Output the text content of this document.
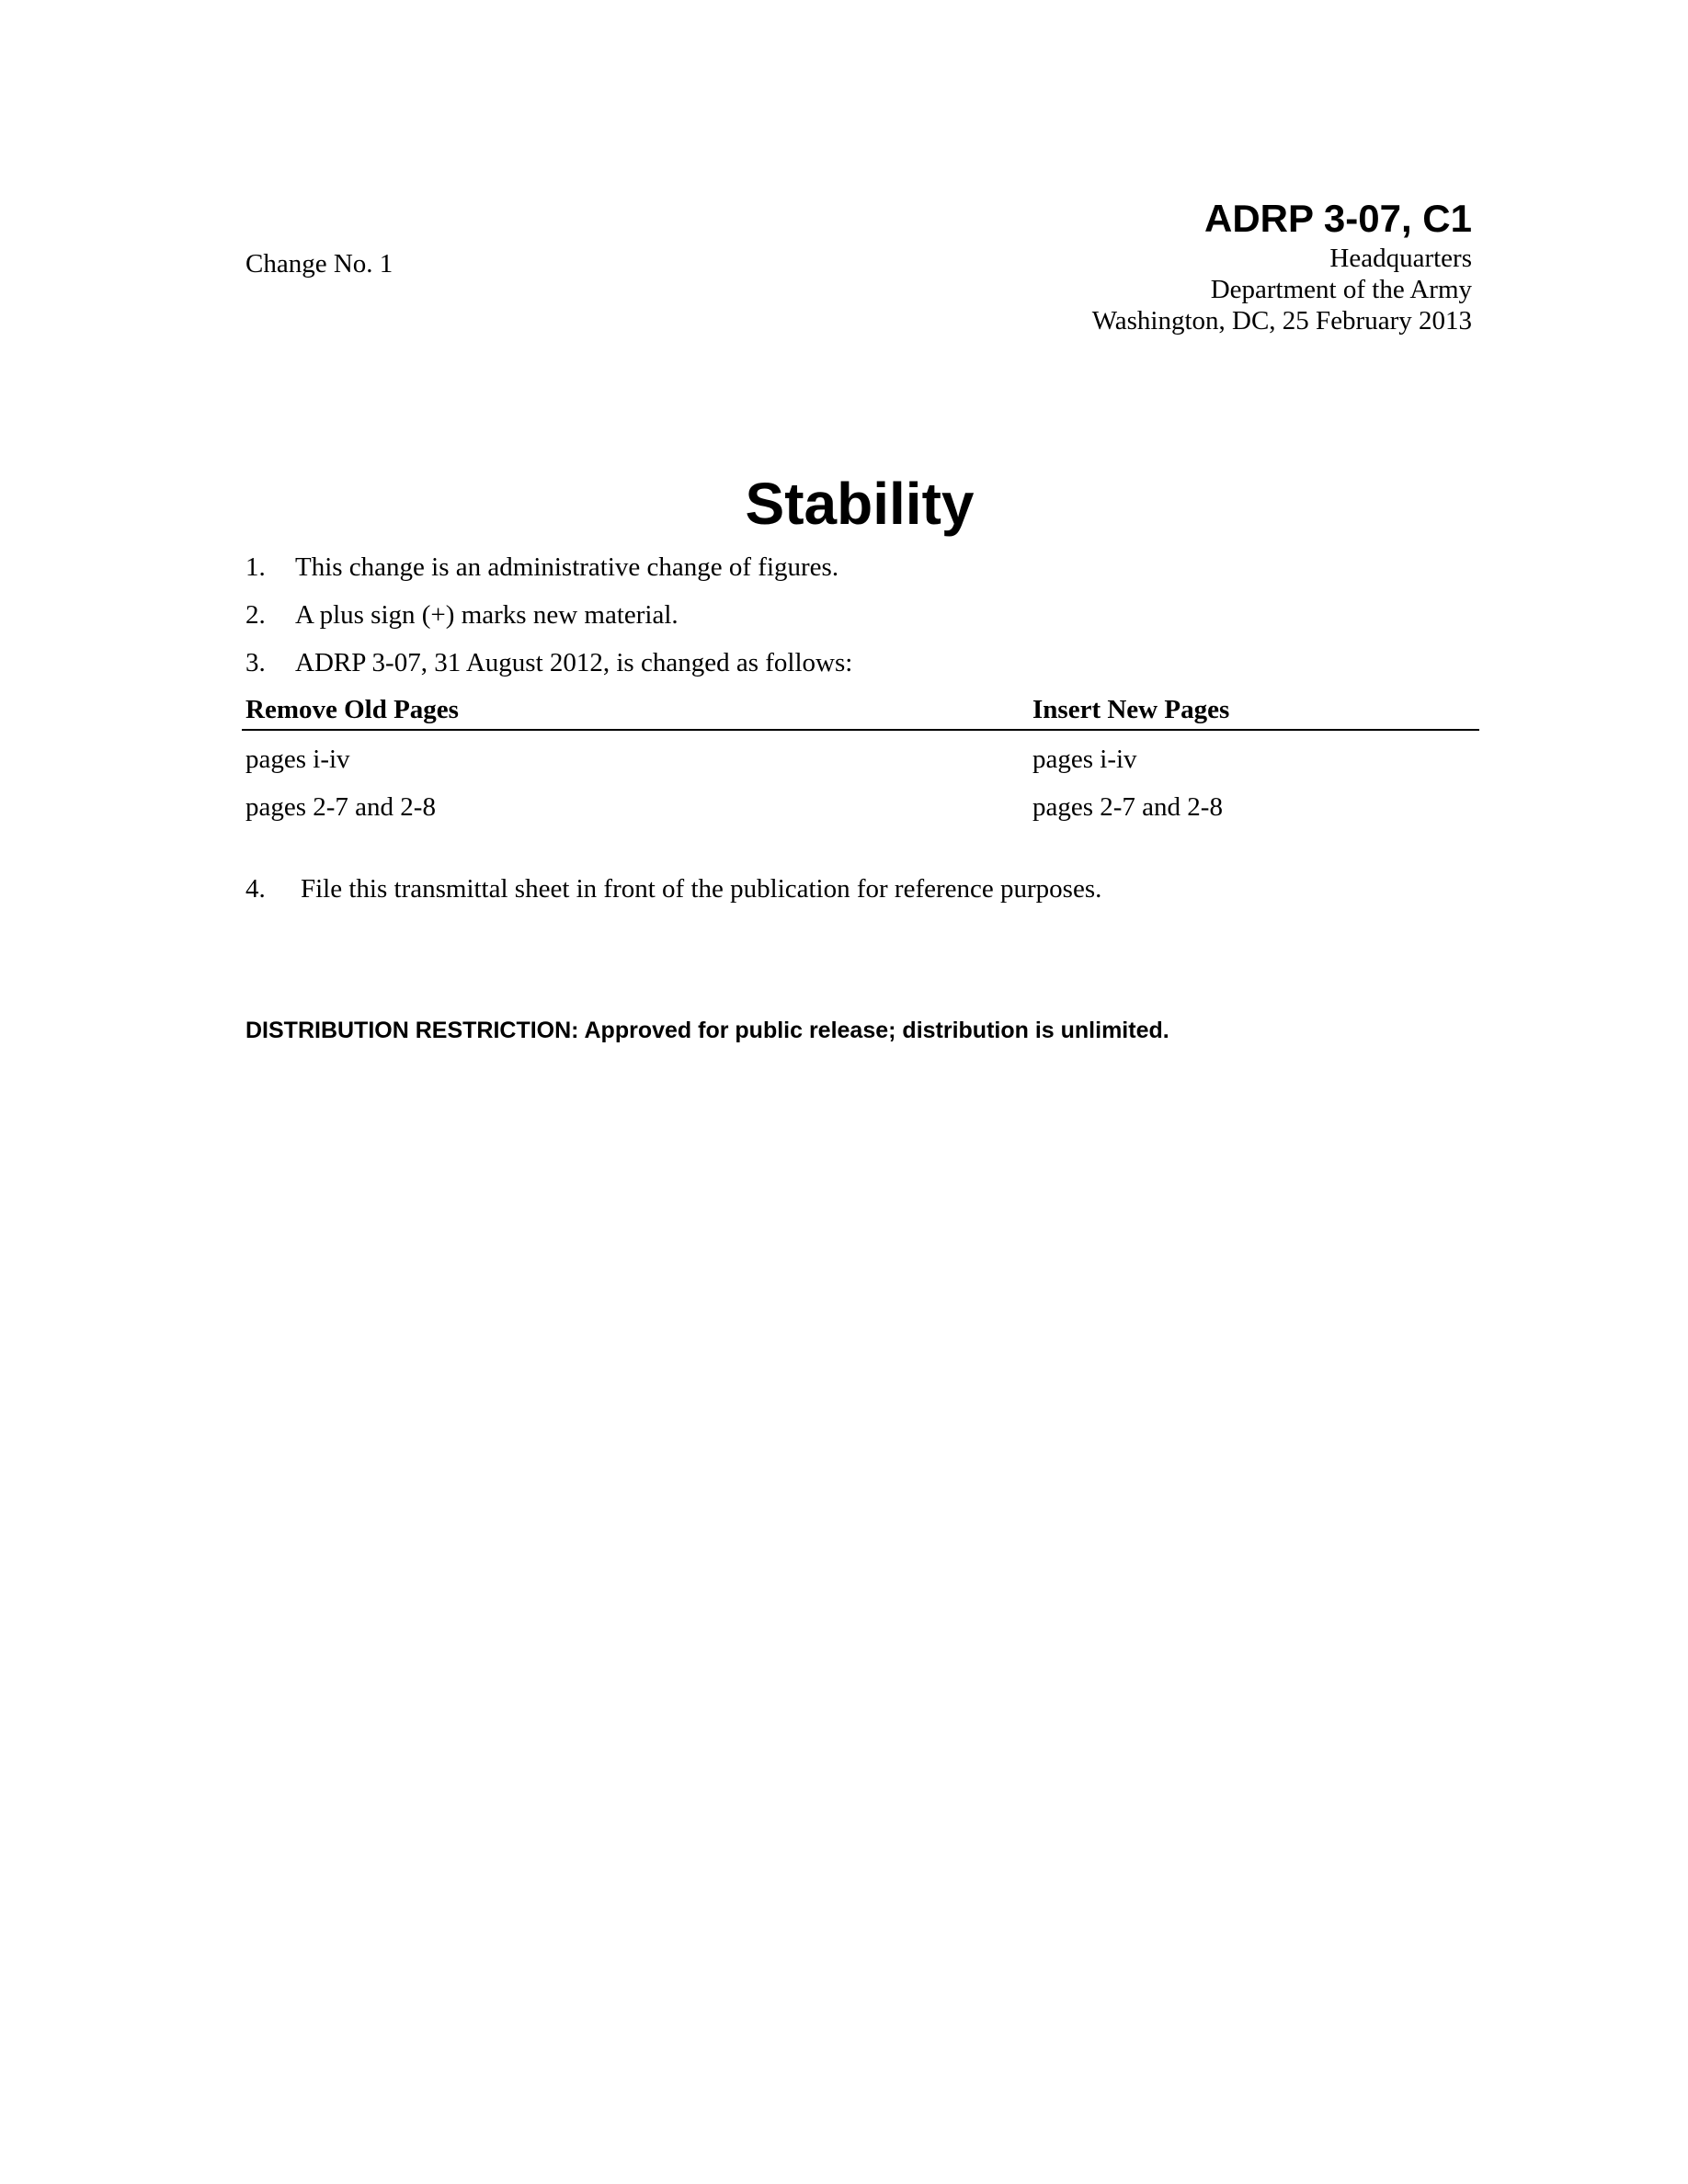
Change No. 1
ADRP 3-07, C1
Headquarters
Department of the Army
Washington, DC, 25 February 2013
Stability
1. This change is an administrative change of figures.
2. A plus sign (+) marks new material.
3. ADRP 3-07, 31 August 2012, is changed as follows:
Remove Old Pages	Insert New Pages
pages i-iv	pages i-iv
pages 2-7 and 2-8	pages 2-7 and 2-8
4. File this transmittal sheet in front of the publication for reference purposes.
DISTRIBUTION RESTRICTION: Approved for public release; distribution is unlimited.
